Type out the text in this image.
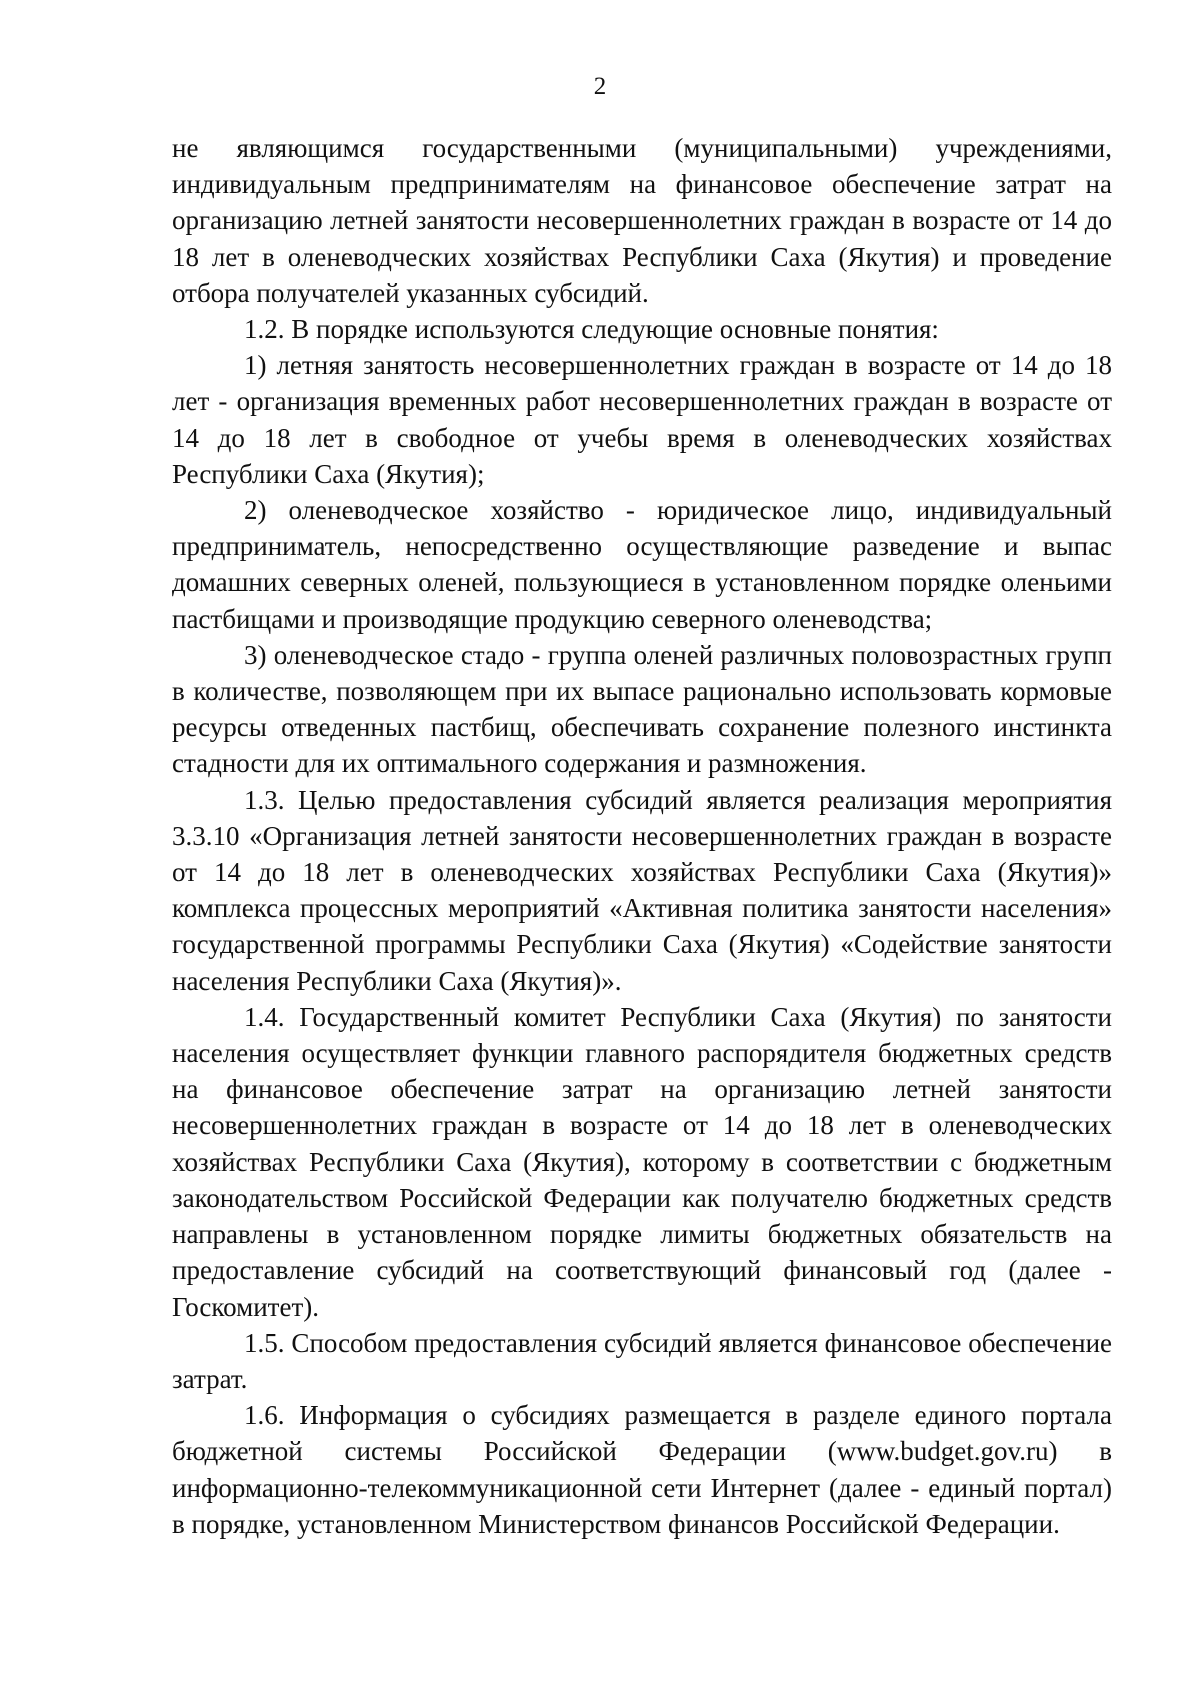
2

не являющимся государственными (муниципальными) учреждениями, индивидуальным предпринимателям на финансовое обеспечение затрат на организацию летней занятости несовершеннолетних граждан в возрасте от 14 до 18 лет в оленеводческих хозяйствах Республики Саха (Якутия) и проведение отбора получателей указанных субсидий.

1.2. В порядке используются следующие основные понятия:

1) летняя занятость несовершеннолетних граждан в возрасте от 14 до 18 лет - организация временных работ несовершеннолетних граждан в возрасте от 14 до 18 лет в свободное от учебы время в оленеводческих хозяйствах Республики Саха (Якутия);

2) оленеводческое хозяйство - юридическое лицо, индивидуальный предприниматель, непосредственно осуществляющие разведение и выпас домашних северных оленей, пользующиеся в установленном порядке оленьими пастбищами и производящие продукцию северного оленеводства;

3) оленеводческое стадо - группа оленей различных половозрастных групп в количестве, позволяющем при их выпасе рационально использовать кормовые ресурсы отведенных пастбищ, обеспечивать сохранение полезного инстинкта стадности для их оптимального содержания и размножения.

1.3. Целью предоставления субсидий является реализация мероприятия 3.3.10 «Организация летней занятости несовершеннолетних граждан в возрасте от 14 до 18 лет в оленеводческих хозяйствах Республики Саха (Якутия)» комплекса процессных мероприятий «Активная политика занятости населения» государственной программы Республики Саха (Якутия) «Содействие занятости населения Республики Саха (Якутия)».

1.4. Государственный комитет Республики Саха (Якутия) по занятости населения осуществляет функции главного распорядителя бюджетных средств на финансовое обеспечение затрат на организацию летней занятости несовершеннолетних граждан в возрасте от 14 до 18 лет в оленеводческих хозяйствах Республики Саха (Якутия), которому в соответствии с бюджетным законодательством Российской Федерации как получателю бюджетных средств направлены в установленном порядке лимиты бюджетных обязательств на предоставление субсидий на соответствующий финансовый год (далее - Госкомитет).

1.5. Способом предоставления субсидий является финансовое обеспечение затрат.

1.6. Информация о субсидиях размещается в разделе единого портала бюджетной системы Российской Федерации (www.budget.gov.ru) в информационно-телекоммуникационной сети Интернет (далее - единый портал) в порядке, установленном Министерством финансов Российской Федерации.
